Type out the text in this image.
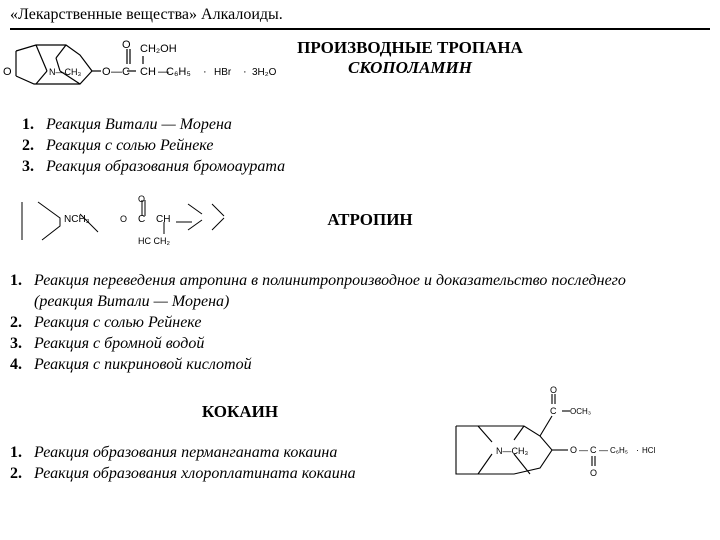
«Лекарственные вещества» Алкалоиды.
O	N—CH₃ O — C
O
CH
CH₂OH
—
C₆H₅ · HBr · 3H₂O
ПРОИЗВОДНЫЕ ТРОПАНА
СКОПОЛАМИН
1. Реакция Витали — Морена
2. Реакция с солью Рейнеке
3. Реакция образования бромоаурата
NCH₃	O C
O
CH
HC CH₂
АТРОПИН
1. Реакция переведения атропина в полинитропроизводное и доказательство последнего (реакция Витали — Морена)
2. Реакция с солью Рейнеке
3. Реакция с бромной водой
4. Реакция с пикриновой кислотой
КОКАИН
N—CH₃
O
C OCH₃
O — C — C₆H₅ · HCl
O
1. Реакция образования перманганата кокаина
2. Реакция образования хлороплатината кокаина
